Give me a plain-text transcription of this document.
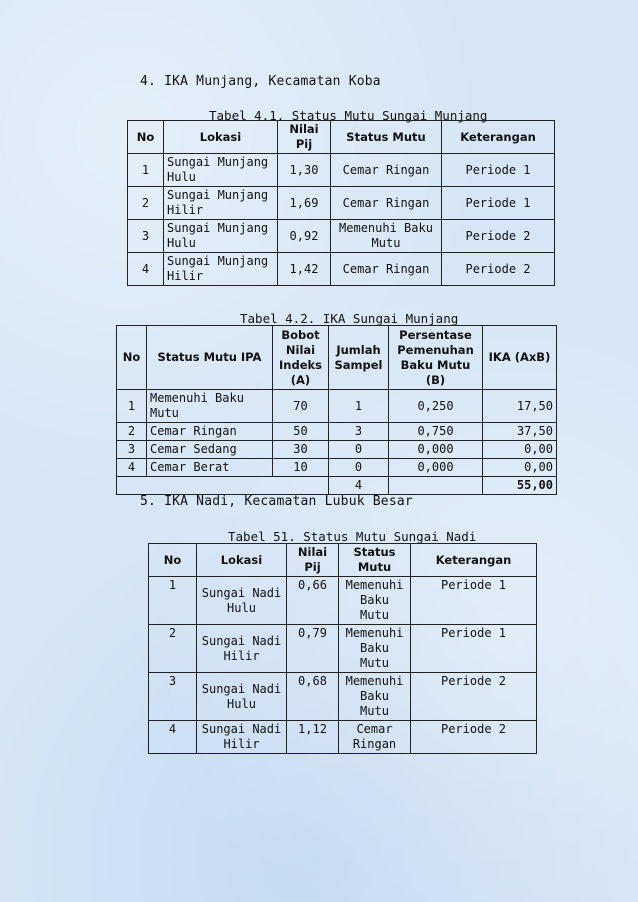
4. IKA Munjang, Kecamatan Koba
Tabel 4.1. Status Mutu Sungai Munjang
No	Lokasi	Nilai Pij	Status Mutu	Keterangan
1	Sungai Munjang Hulu	1,30	Cemar Ringan	Periode 1
2	Sungai Munjang Hilir	1,69	Cemar Ringan	Periode 1
3	Sungai Munjang Hulu	0,92	Memenuhi Baku Mutu	Periode 2
4	Sungai Munjang Hilir	1,42	Cemar Ringan	Periode 2
Tabel 4.2. IKA Sungai Munjang
No	Status Mutu IPA	Bobot Nilai Indeks (A)	Jumlah Sampel	Persentase Pemenuhan Baku Mutu (B)	IKA (AxB)
1	Memenuhi Baku Mutu	70	1	0,250	17,50
2	Cemar Ringan	50	3	0,750	37,50
3	Cemar Sedang	30	0	0,000	0,00
4	Cemar Berat	10	0	0,000	0,00
			4		55,00
5. IKA Nadi, Kecamatan Lubuk Besar
Tabel 51. Status Mutu Sungai Nadi
No	Lokasi	Nilai Pij	Status Mutu	Keterangan
1	Sungai Nadi Hulu	0,66	Memenuhi Baku Mutu	Periode 1
2	Sungai Nadi Hilir	0,79	Memenuhi Baku Mutu	Periode 1
3	Sungai Nadi Hulu	0,68	Memenuhi Baku Mutu	Periode 2
4	Sungai Nadi Hilir	1,12	Cemar Ringan	Periode 2
